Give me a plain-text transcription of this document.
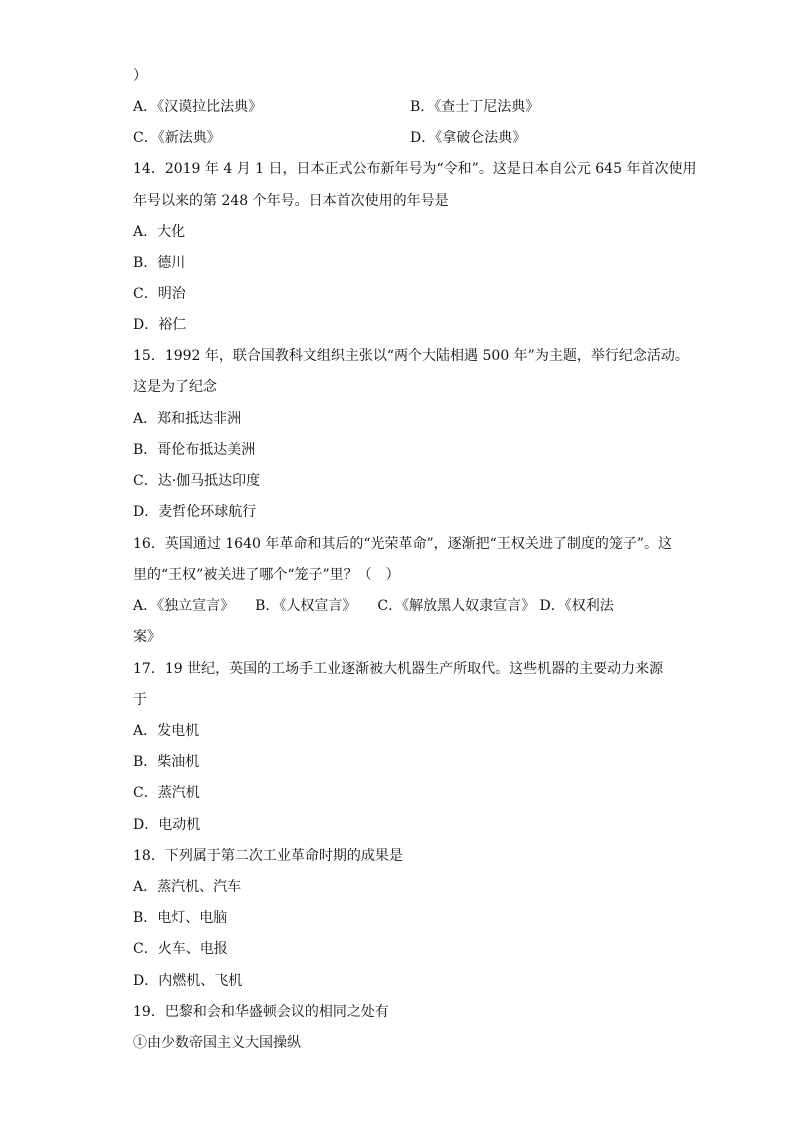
）
A．《汉谟拉比法典》	B．《查士丁尼法典》
C．《新法典》	D．《拿破仑法典》
14．2019 年 4 月 1 日，日本正式公布新年号为“令和”。这是日本自公元 645 年首次使用
年号以来的第 248 个年号。日本首次使用的年号是
A．大化
B．德川
C．明治
D．裕仁
15．1992 年，联合国教科文组织主张以“两个大陆相遇 500 年”为主题，举行纪念活动。
这是为了纪念
A．郑和抵达非洲
B．哥伦布抵达美洲
C．达·伽马抵达印度
D．麦哲伦环球航行
16．英国通过 1640 年革命和其后的“光荣革命”，逐渐把“王权关进了制度的笼子”。这
里的“王权”被关进了哪个“笼子”里？（　）
A．《独立宣言》　　B．《人权宣言》　　C．《解放黑人奴隶宣言》 D．《权利法
案》
17．19 世纪，英国的工场手工业逐渐被大机器生产所取代。这些机器的主要动力来源
于
A．发电机
B．柴油机
C．蒸汽机
D．电动机
18．下列属于第二次工业革命时期的成果是
A．蒸汽机、汽车
B．电灯、电脑
C．火车、电报
D．内燃机、飞机
19．巴黎和会和华盛顿会议的相同之处有
①由少数帝国主义大国操纵
